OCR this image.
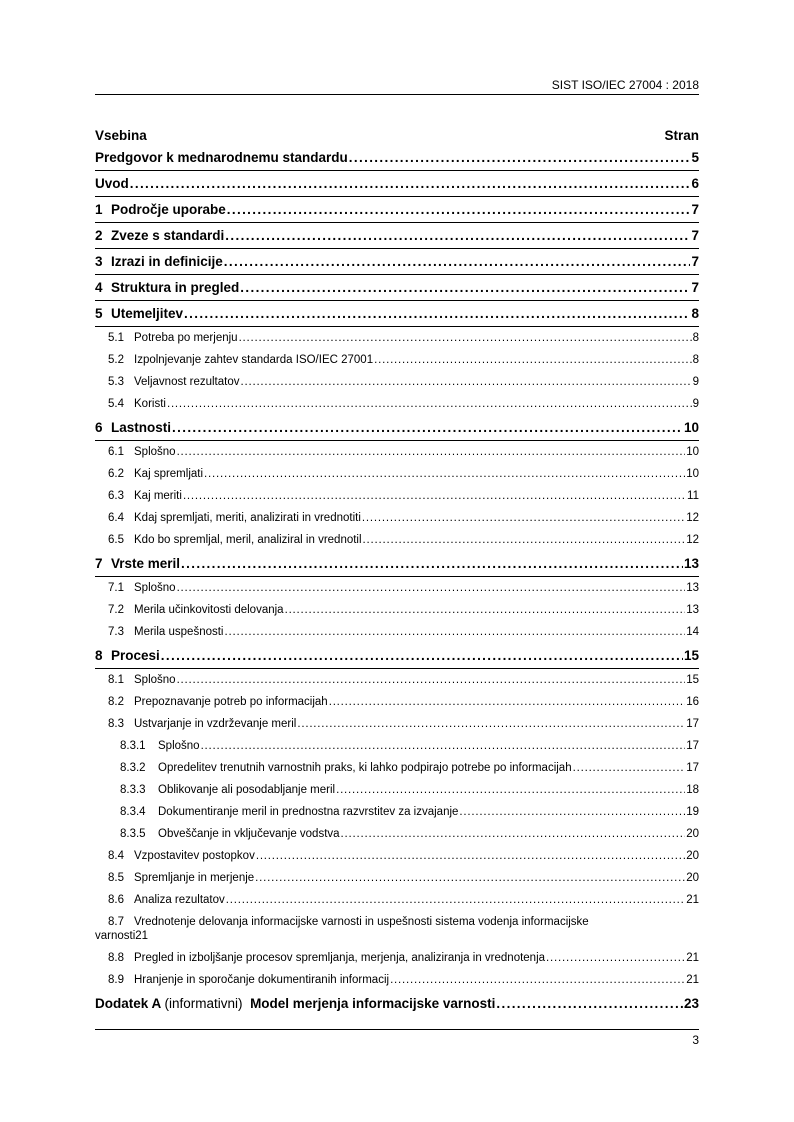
SIST ISO/IEC 27004 : 2018
Vsebina	Stran
Predgovor k mednarodnemu standardu . . .	5
Uvod . . .	6
1 Področje uporabe . . .	7
2 Zveze s standardi . . .	7
3 Izrazi in definicije . . .	7
4 Struktura in pregled . . .	7
5 Utemeljitev . . .	8
5.1 Potreba po merjenju . . .	8
5.2 Izpolnjevanje zahtev standarda ISO/IEC 27001 . . .	8
5.3 Veljavnost rezultatov . . .	9
5.4 Koristi . . .	9
6 Lastnosti . . .	10
6.1 Splošno . . .	10
6.2 Kaj spremljati . . .	10
6.3 Kaj meriti . . .	11
6.4 Kdaj spremljati, meriti, analizirati in vrednotiti . . .	12
6.5 Kdo bo spremljal, meril, analiziral in vrednotil . . .	12
7 Vrste meril . . .	13
7.1 Splošno . . .	13
7.2 Merila učinkovitosti delovanja . . .	13
7.3 Merila uspešnosti . . .	14
8 Procesi . . .	15
8.1 Splošno . . .	15
8.2 Prepoznavanje potreb po informacijah . . .	16
8.3 Ustvarjanje in vzdrževanje meril . . .	17
8.3.1 Splošno . . .	17
8.3.2 Opredelitev trenutnih varnostnih praks, ki lahko podpirajo potrebe po informacijah . . .	17
8.3.3 Oblikovanje ali posodabljanje meril . . .	18
8.3.4 Dokumentiranje meril in prednostna razvrstitev za izvajanje . . .	19
8.3.5 Obveščanje in vključevanje vodstva . . .	20
8.4 Vzpostavitev postopkov . . .	20
8.5 Spremljanje in merjenje . . .	20
8.6 Analiza rezultatov . . .	21
8.7 Vrednotenje delovanja informacijske varnosti in uspešnosti sistema vodenja informacijske
varnosti 21
8.8 Pregled in izboljšanje procesov spremljanja, merjenja, analiziranja in vrednotenja . . .	21
8.9 Hranjenje in sporočanje dokumentiranih informacij . . .	21
Dodatek A (informativni) Model merjenja informacijske varnosti . . .	23
3
